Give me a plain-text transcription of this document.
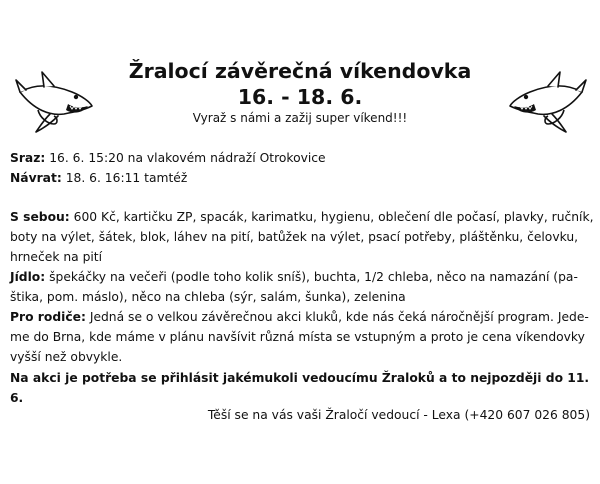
Žralocí závěrečná víkendovka
16. - 18. 6.
Vyraž s námi a zažij super víkend!!!

Sraz: 16. 6. 15:20 na vlakovém nádraží Otrokovice

Návrat: 18. 6. 16:11 tamtéž

S sebou: 600 Kč, kartičku ZP, spacák, karimatku, hygienu, oblečení dle počasí, plavky, ručník, boty na výlet, šátek, blok, láhev na pití, batůžek na výlet, psací potřeby, pláštěnku, čelovku, hrneček na pití

Jídlo: špekáčky na večeři (podle toho kolik sníš), buchta, 1/2 chleba, něco na namazání (pa-štika, pom. máslo), něco na chleba (sýr, salám, šunka), zelenina

Pro rodiče: Jedná se o velkou závěrečnou akci kluků, kde nás čeká náročnější program. Jede-me do Brna, kde máme v plánu navšívit různá místa se vstupným a proto je cena víkendovky vyšší než obvykle.

Na akci je potřeba se přihlásit jakémukoli vedoucímu Žraloků a to nejpozději do 11. 6.
Těší se na vás vaši Žraločí vedoucí - Lexa (+420 607 026 805)
